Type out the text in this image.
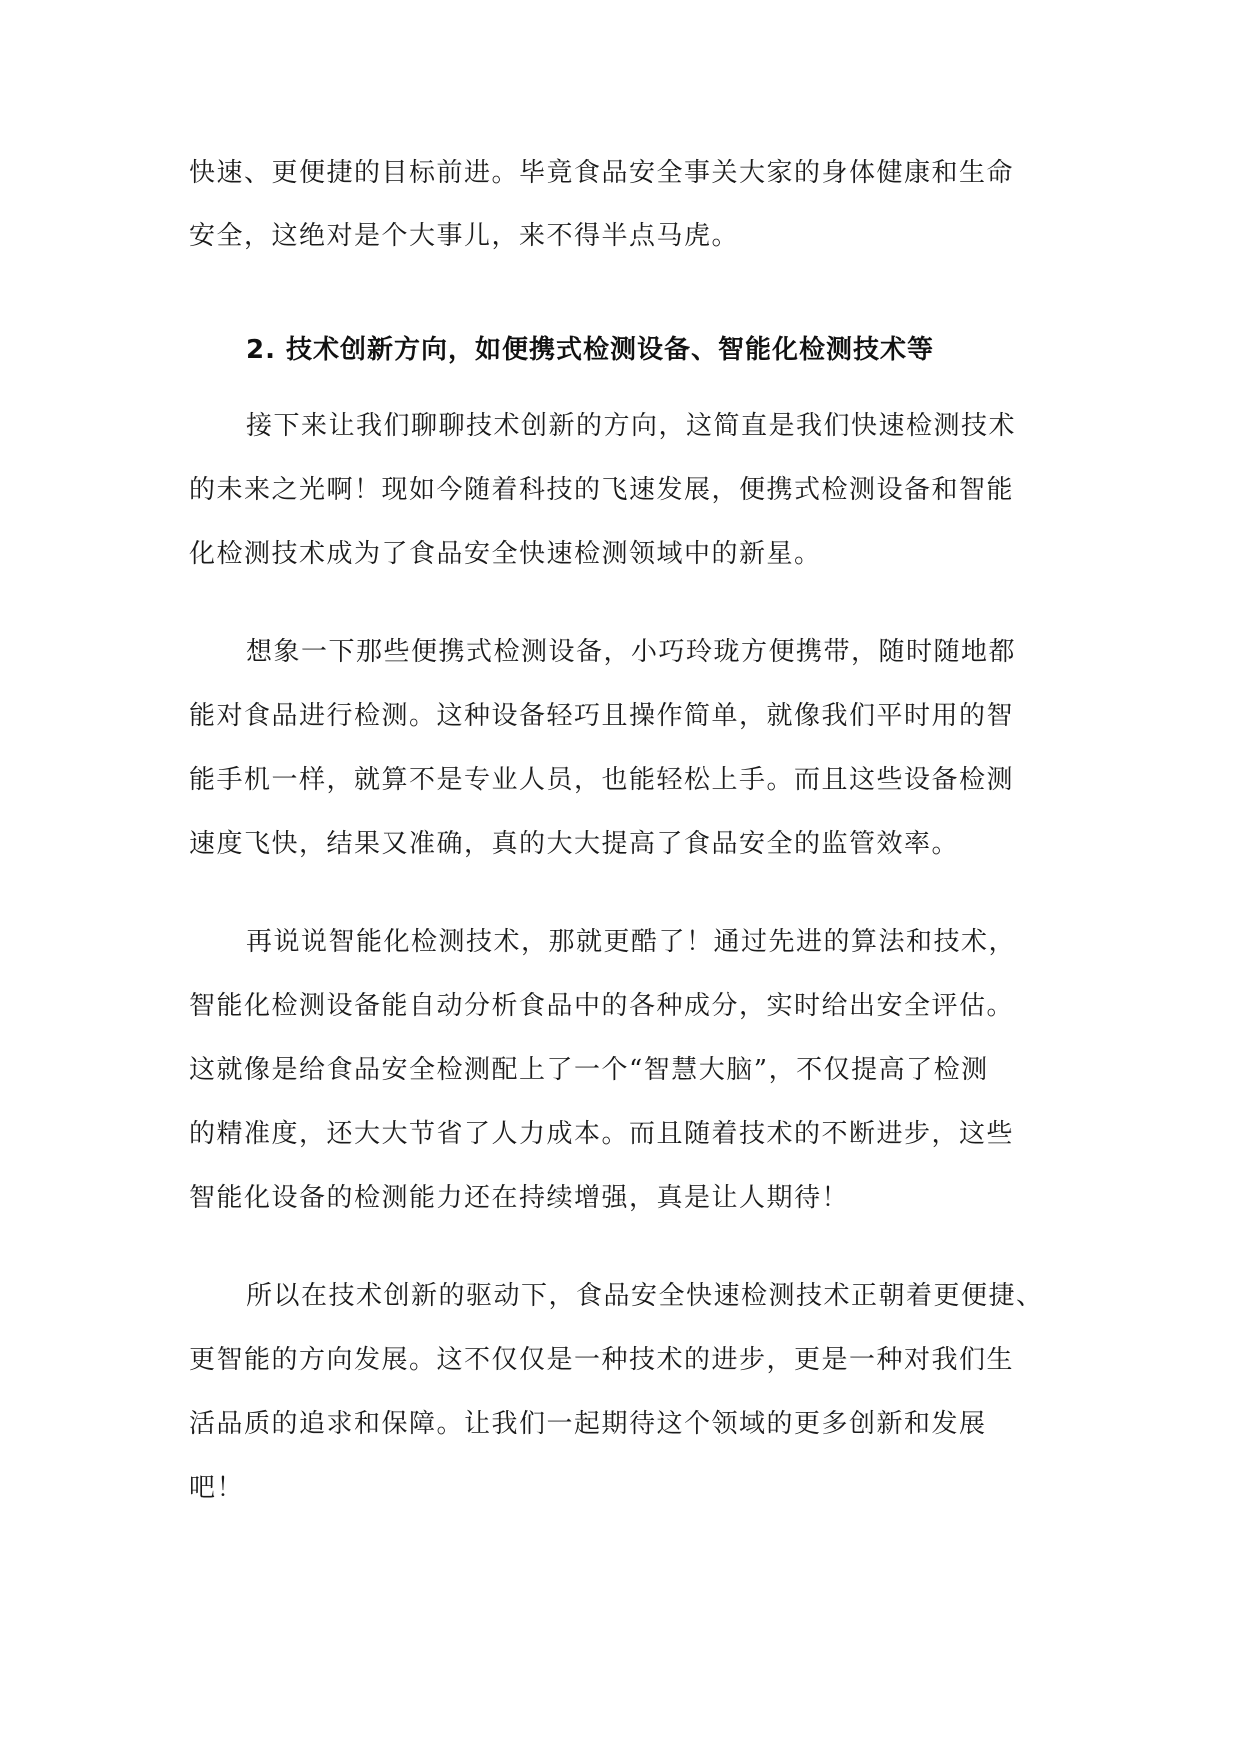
快速、更便捷的目标前进。毕竟食品安全事关大家的身体健康和生命

安全，这绝对是个大事儿，来不得半点马虎。

2. 技术创新方向，如便携式检测设备、智能化检测技术等

接下来让我们聊聊技术创新的方向，这简直是我们快速检测技术

的未来之光啊！现如今随着科技的飞速发展，便携式检测设备和智能

化检测技术成为了食品安全快速检测领域中的新星。

想象一下那些便携式检测设备，小巧玲珑方便携带，随时随地都

能对食品进行检测。这种设备轻巧且操作简单，就像我们平时用的智

能手机一样，就算不是专业人员，也能轻松上手。而且这些设备检测

速度飞快，结果又准确，真的大大提高了食品安全的监管效率。

再说说智能化检测技术，那就更酷了！通过先进的算法和技术，

智能化检测设备能自动分析食品中的各种成分，实时给出安全评估。

这就像是给食品安全检测配上了一个“智慧大脑”，不仅提高了检测

的精准度，还大大节省了人力成本。而且随着技术的不断进步，这些

智能化设备的检测能力还在持续增强，真是让人期待！

所以在技术创新的驱动下，食品安全快速检测技术正朝着更便捷、

更智能的方向发展。这不仅仅是一种技术的进步，更是一种对我们生

活品质的追求和保障。让我们一起期待这个领域的更多创新和发展

吧！
